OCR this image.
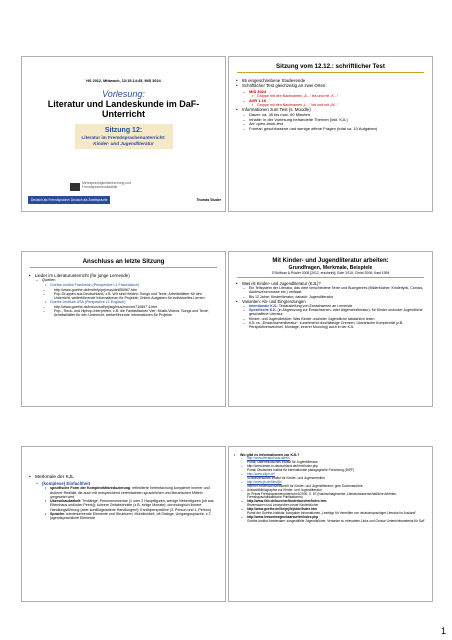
HS 2012, Mittwoch, 13:15-14:45, MIS 3024
Vorlesung:
Literatur und Landeskunde im DaF-Unterricht
Sitzung 12:
Literatur im Fremdsprachenunterricht:
Kinder- und Jugendliteratur
Mehrsprachigkeitsforschung und Fremdsprachendidaktik
Deutsch als Fremdsprache/ Deutsch als Zweitsprache	Thomas Studer
Sitzung vom 12.12.: schriftlicher Test
• 65 eingeschriebene Studierende
• Schriftlicher Test gleichzeitig an zwei Orten:
– MIS 3024
• Gruppe mit den Nachnamen „A...“ bis und mit „K...“
– AVR 1.16
• Gruppe mit den Nachnamen „L...“ bis und mit „W...“
• Informationen zum Test (s. Moodle)
– Dauer: ca. 45 bis max. 60 Minuten
– Inhalte: in der Vorlesung behandelte Themen (inkl. KJL)
– Art: open-book-test
– Format: geschlossene und wenige offene Fragen (total ca. 10 Aufgaben)
Anschluss an letzte Sitzung
• Lieder im Literaturunterricht (für junge Lernende)
– Quellen
• Goethe-Institut Frankreich (Perspektive L1 Französisch)
– http://www.goethe.de/ins/fr/lp/prj/mus/de850967.htm
– Pop-Gruppen aus Deutschland, z.B. Wir sind Helden: Songs und Texte, Arbeitsblätter für den Unterricht, weiterführende Informationen für Projekte; Online-Aufgaben für individuelles Lernen
• Goethe-Institute USA (Perspektive L1 Englisch)
– http://www.goethe.de/ins/us/saf/prj/stg/mus/mov/en710857 4.htm
– Pop-, Rock- und Hiphop-Interpreten, z.B. die Fantastischen Vier: Musik-Videos, Songs und Texte, Arbeitsblätter für den Unterricht, weiterführende Informationen für Projekte
Mit Kinder- und Jugendliteratur arbeiten:
Grundfragen, Merkmale, Beispiele
O'Sullivan & Rösler 2008 [2012, erscheint]; Eder 2010; Christ 2006; Kast 1994
• Was ist Kinder- und Jugendliteratur (KJL)?
– Ein Teilsystem der Literatur, das viele verschiedene Texte und Buchgenres (Bilderbücher, Kinderlyrik, Comics, Adoleszenzromane etc.) umfasst
– Bis 12 Jahre: Kinderliteratur; danach: Jugendliteratur
• Varianten: Ab- und Eingrenzungen
– Intentionale KJL: Textauslellung von Erwachsenen an Lernende
– Spezifische KJL (in Abgrenzung zur Erwachsenen- oder Allgemeinliteratur): für Kinder und/oder Jugendliche geschaffene Literatur
– Kinder- und Jugendlektüre: Was Kinder und/oder Jugendliche tatsächlich lesen
– KJL vs. „Erwachsenenliteratur“: zunehmend durchlässige Grenzen; Literarische Komplexität (z.B. Perspektivenwechsel, Montage, innerer Monolog) auch in der KJL
• Merkmale der KJL
– (komplexe) Einfachheit
• spezifische Form der Komplexitätsreduzierung: reflektierte Vereinfachung komplexer innerer und äußerer Realität, die auch mit entsprechend vereinfachten sprachlichen und literarischen Mitteln umgesetzt wird
• Überschaubarkeit: Textlänge; Personeninventar (1 oder 2 Hauptfiguren, wenige Nebenfiguren [oft aus Elternhaus und/oder Peers]); kürzere Zeitabschnitte (z.B. einige Monate); chronologisch lineare Handlungsführung (aber konfliktgeladene Handlungen!); Erzählperspektive (3. Person und 1. Person)
• Sprache: wiederkehrende Elemente und Strukturen; Mündlichkeit, oft Dialoge, Umgangssprache, z.T. jugendsprachliche Elemente
• Wo gibt es Informationen zur KJL?
– http://www.literaturhaus.at/mb/
Portal; Österreichisches Institut für Jugendliteratur
– http://www.lesen-in-deutschland.de/html/index.php
Portal; Deutsches Institut für internationale pädagogische Forschung (DIPF)
– http://www.sikjm.ch/
Schweizerisches Institut für Kinder- und Jugendmedien
– http://www.ijb.de/files/ijb/
Internet-Rezensionszeitschrift für Kinder- und Jugendliteratur; gute Suchmaschine
– Auswahlbibliographie zur Kinder- und Jugendliteratur
in: Praxis Fremdsprachenunterricht 6/2009, S. 57 (Nachschlagewerke, Literaturwissenschaftliche Arbeiten, Fremdsprachdidaktische Publikationen)
– http://www.lirix.de/buecher/kinderbuecher/index.htm
Rezensionen und Leseproben neuer Kinderbücher
– http://www.goethe.de/lhr/prj/lej/ulde/index.htm
Portal der Goethe-Instituts: kompakte Informationen „Lesetipp für Vermittler von deutschsprachiger Literatur im Ausland“
– http://www.leesontwegmekaarsurfen/index.php
Goethe-Institut Amsterdam: zusgewählte Jugendbücher, Verweise zu relevanten Links und Grosse Unterrichtsmaterial für DaF
1
